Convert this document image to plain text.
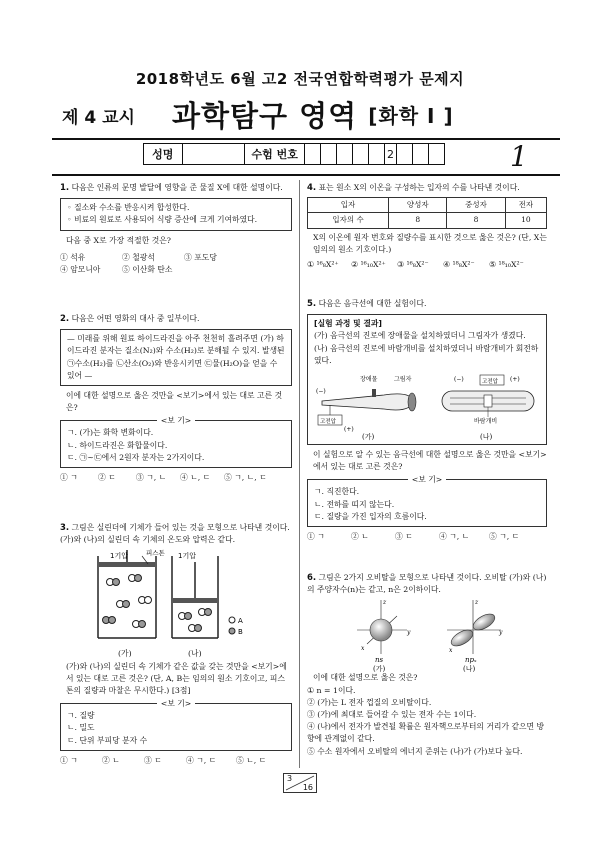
2018학년도 6월 고2 전국연합학력평가 문제지
제 4 교시 과학탐구 영역 [화학 I ]
성명	수험 번호	2	1
1. 다음은 인류의 문명 발달에 영향을 준 물질 X에 대한 설명이다.
◦ 질소와 수소를 반응시켜 합성한다.
◦ 비료의 원료로 사용되어 식량 증산에 크게 기여하였다.
다음 중 X로 가장 적절한 것은?
① 석유	② 철광석	③ 포도당
④ 암모니아	⑤ 이산화 탄소
2. 다음은 어떤 영화의 대사 중 일부이다.
— 미래를 위해 원료 하이드라진을 아주 천천히 흘려주면 (가) 하이드라진 분자는 질소(N₂)와 수소(H₂)로 분해될 수 있지. 발생된 ㉠수소(H₂)를 ㉡산소(O₂)와 반응시키면 ㉢물(H₂O)을 얻을 수 있어 —
이에 대한 설명으로 옳은 것만을 <보기>에서 있는 대로 고른 것은?
<보 기>
ㄱ. (가)는 화학 변화이다.
ㄴ. 하이드라진은 화합물이다.
ㄷ. ㉠~㉢에서 2원자 분자는 2가지이다.
① ㄱ	② ㄷ	③ ㄱ, ㄴ	④ ㄴ, ㄷ	⑤ ㄱ, ㄴ, ㄷ
3. 그림은 실린더에 기체가 들어 있는 것을 모형으로 나타낸 것이다. (가)와 (나)의 실린더 속 기체의 온도와 압력은 같다.
1기압	피스톤 1기압
A
B
(가)	(나)
(가)와 (나)의 실린더 속 기체가 같은 값을 갖는 것만을 <보기>에서 있는 대로 고른 것은? (단, A, B는 임의의 원소 기호이고, 피스톤의 질량과 마찰은 무시한다.) [3점]
<보 기>
ㄱ. 질량
ㄴ. 밀도
ㄷ. 단위 부피당 분자 수
① ㄱ	② ㄴ	③ ㄷ	④ ㄱ, ㄷ	⑤ ㄴ, ㄷ
4. 표는 원소 X의 이온을 구성하는 입자의 수를 나타낸 것이다.
입자	양성자	중성자	전자
입자의 수	8	8	10
X의 이온에 원자 번호와 질량수를 표시한 것으로 옳은 것은? (단, X는 임의의 원소 기호이다.)
① ¹⁶₈X²⁺	② ¹⁶₁₀X²⁺	③ ¹⁶₈X²⁻	④ ¹⁸₈X²⁻	⑤ ¹⁸₁₀X²⁻
5. 다음은 음극선에 대한 실험이다.
[실험 과정 및 결과]
(가) 음극선의 진로에 장애물을 설치하였더니 그림자가 생겼다.
(나) 음극선의 진로에 바람개비를 설치하였더니 바람개비가 회전하였다.
장애물	그림자
(−)
고전압
(+)
고전압
(−)	(+)
바람개비
(가)	(나)
이 실험으로 알 수 있는 음극선에 대한 설명으로 옳은 것만을 <보기>에서 있는 대로 고른 것은?
<보 기>
ㄱ. 직진한다.
ㄴ. 전하를 띠지 않는다.
ㄷ. 질량을 가진 입자의 흐름이다.
① ㄱ	② ㄴ	③ ㄷ	④ ㄱ, ㄴ	⑤ ㄱ, ㄷ
6. 그림은 2가지 오비탈을 모형으로 나타낸 것이다. 오비탈 (가)와 (나)의 주양자수(n)는 같고, n은 2이하이다.
z
y
x
z
y
x
ns	npₓ
(가)	(나)
이에 대한 설명으로 옳은 것은?
① n = 1이다.
② (가)는 L 전자 껍질의 오비탈이다.
③ (가)에 최대로 들어갈 수 있는 전자 수는 1이다.
④ (나)에서 전자가 발견될 확률은 원자핵으로부터의 거리가 같으면 방향에 관계없이 같다.
⑤ 수소 원자에서 오비탈의 에너지 준위는 (나)가 (가)보다 높다.
3
16
